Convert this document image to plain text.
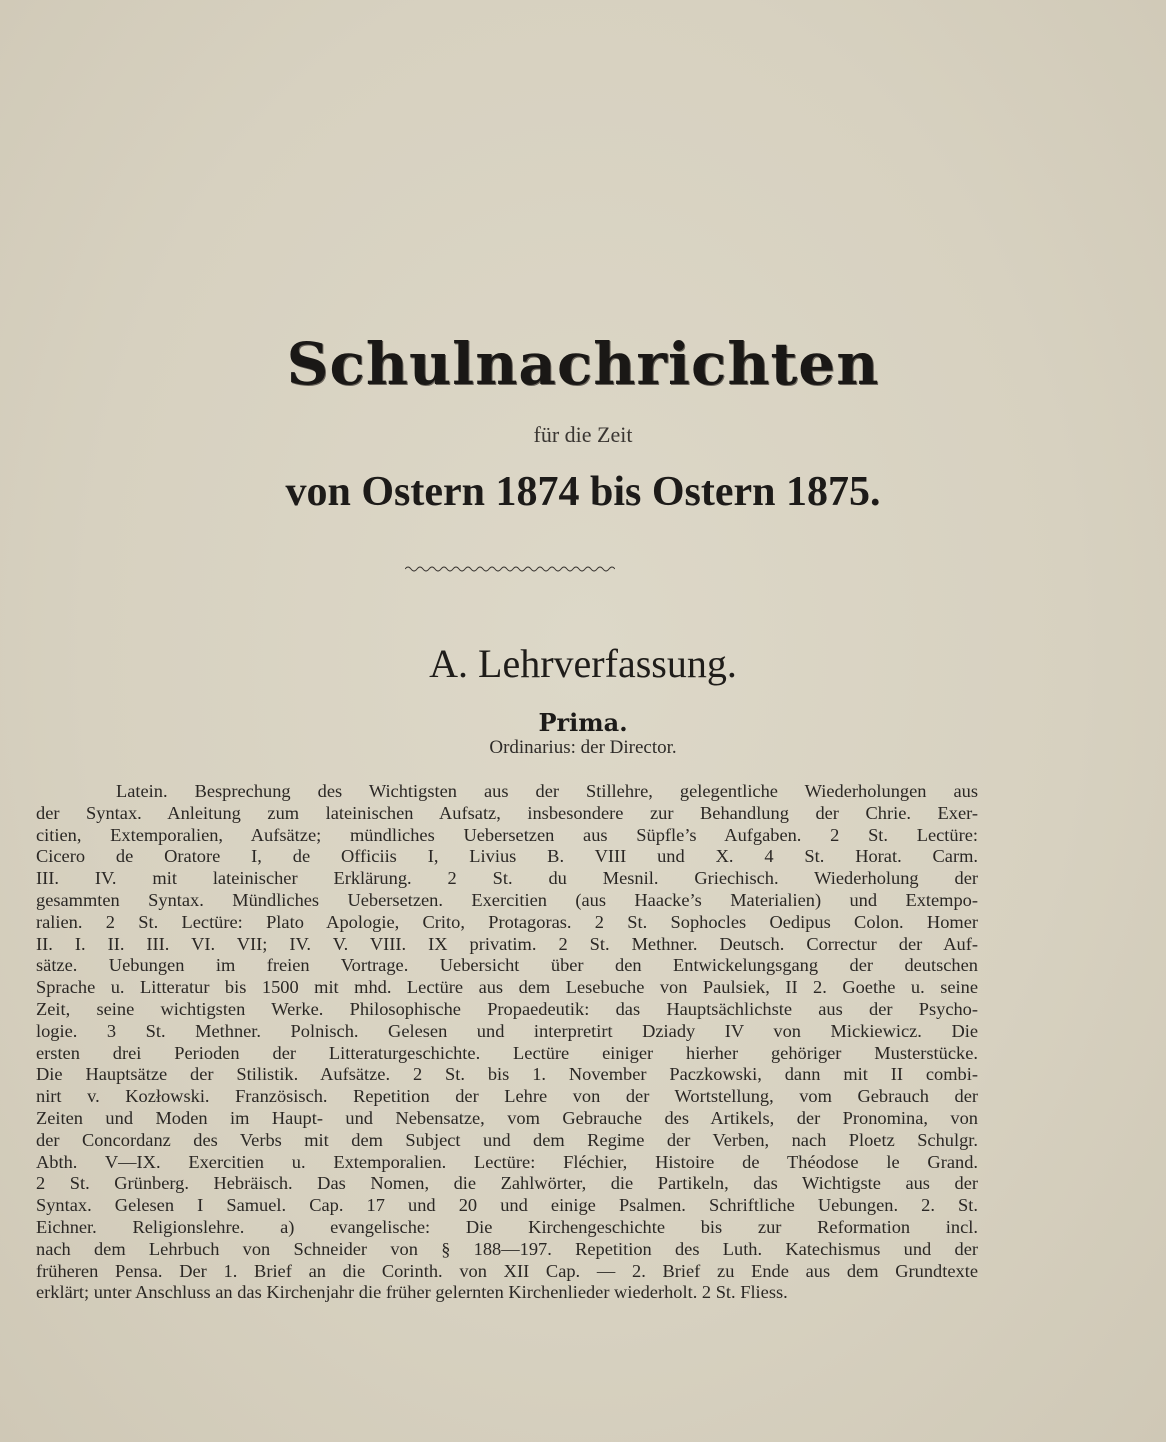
Schulnachrichten
für die Zeit
von Ostern 1874 bis Ostern 1875.
A. Lehrverfassung.
Prima.
Ordinarius: der Director.
Latein. Besprechung des Wichtigsten aus der Stillehre, gelegentliche Wiederholungen aus
der Syntax. Anleitung zum lateinischen Aufsatz, insbesondere zur Behandlung der Chrie. Exer-
citien, Extemporalien, Aufsätze; mündliches Uebersetzen aus Süpfle’s Aufgaben. 2 St. Lectüre:
Cicero de Oratore I, de Officiis I, Livius B. VIII und X. 4 St. Horat. Carm.
III. IV. mit lateinischer Erklärung. 2 St. du Mesnil. Griechisch. Wiederholung der
gesammten Syntax. Mündliches Uebersetzen. Exercitien (aus Haacke’s Materialien) und Extempo-
ralien. 2 St. Lectüre: Plato Apologie, Crito, Protagoras. 2 St. Sophocles Oedipus Colon. Homer
II. I. II. III. VI. VII; IV. V. VIII. IX privatim. 2 St. Methner. Deutsch. Correctur der Auf-
sätze. Uebungen im freien Vortrage. Uebersicht über den Entwickelungsgang der deutschen
Sprache u. Litteratur bis 1500 mit mhd. Lectüre aus dem Lesebuche von Paulsiek, II 2. Goethe u. seine
Zeit, seine wichtigsten Werke. Philosophische Propaedeutik: das Hauptsächlichste aus der Psycho-
logie. 3 St. Methner. Polnisch. Gelesen und interpretirt Dziady IV von Mickiewicz. Die
ersten drei Perioden der Litteraturgeschichte. Lectüre einiger hierher gehöriger Musterstücke.
Die Hauptsätze der Stilistik. Aufsätze. 2 St. bis 1. November Paczkowski, dann mit II combi-
nirt v. Kozłowski. Französisch. Repetition der Lehre von der Wortstellung, vom Gebrauch der
Zeiten und Moden im Haupt- und Nebensatze, vom Gebrauche des Artikels, der Pronomina, von
der Concordanz des Verbs mit dem Subject und dem Regime der Verben, nach Ploetz Schulgr.
Abth. V—IX. Exercitien u. Extemporalien. Lectüre: Fléchier, Histoire de Théodose le Grand.
2 St. Grünberg. Hebräisch. Das Nomen, die Zahlwörter, die Partikeln, das Wichtigste aus der
Syntax. Gelesen I Samuel. Cap. 17 und 20 und einige Psalmen. Schriftliche Uebungen. 2. St.
Eichner. Religionslehre. a) evangelische: Die Kirchengeschichte bis zur Reformation incl.
nach dem Lehrbuch von Schneider von § 188—197. Repetition des Luth. Katechismus und der
früheren Pensa. Der 1. Brief an die Corinth. von XII Cap. — 2. Brief zu Ende aus dem Grundtexte
erklärt; unter Anschluss an das Kirchenjahr die früher gelernten Kirchenlieder wiederholt. 2 St. Fliess.
